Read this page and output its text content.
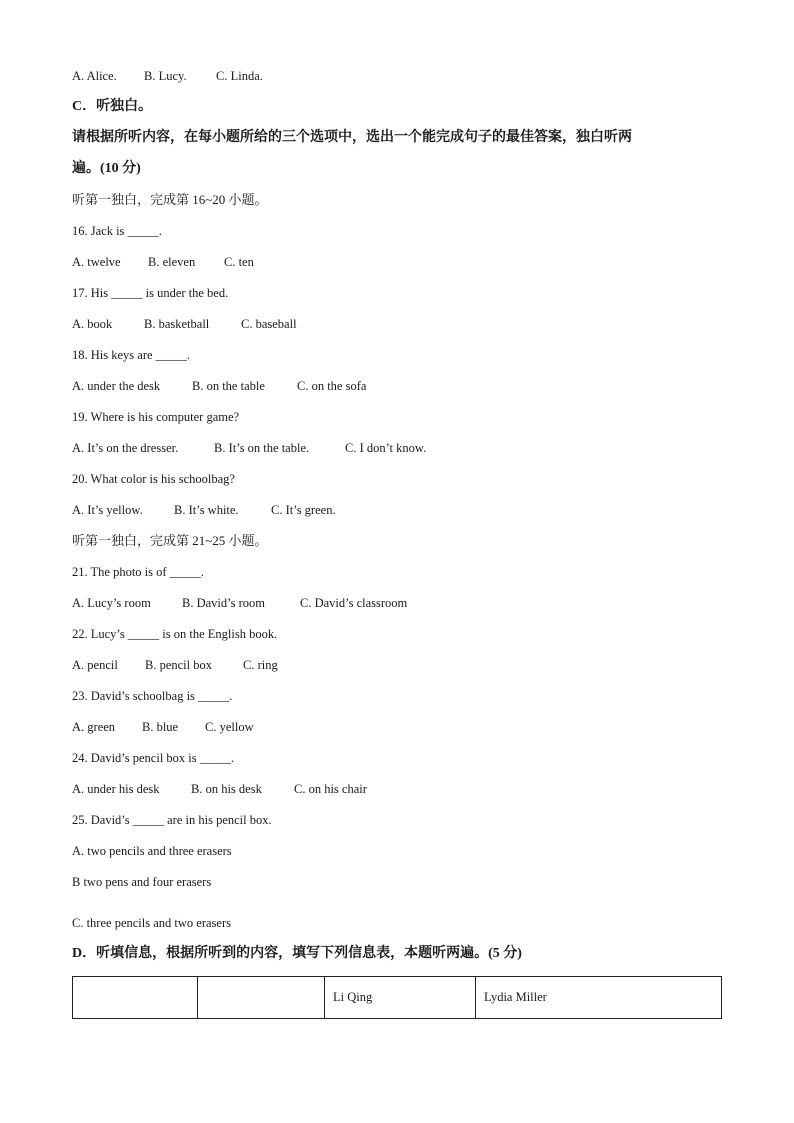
A. Alice. B. Lucy. C. Linda.
C．听独白。
请根据所听内容，在每小题所给的三个选项中，选出一个能完成句子的最佳答案，独白听两
遍。(10 分)
听第一独白，完成第 16~20 小题。
16. Jack is _____.
A. twelve B. eleven C. ten
17. His _____ is under the bed.
A. book	B. basketball	C. baseball
18. His keys are _____.
A. under the desk	B. on the table	C. on the sofa
19. Where is his computer game?
A. It’s on the dresser.	B. It’s on the table.	C. I don’t know.
20. What color is his schoolbag?
A. It’s yellow.	B. It’s white.	C. It’s green.
听第一独白，完成第 21~25 小题。
21. The photo is of _____.
A. Lucy’s room B. David’s room	C. David’s classroom
22. Lucy’s _____ is on the English book.
A. pencil B. pencil box C. ring
23. David’s schoolbag is _____.
A. green B. blue C. yellow
24. David’s pencil box is _____.
A. under his desk	B. on his desk	C. on his chair
25. David’s _____ are in his pencil box.
A. two pencils and three erasers
B two pens and four erasers
C. three pencils and two erasers
D．听填信息，根据所听到的内容，填写下列信息表，本题听两遍。(5 分)
		Li Qing	Lydia Miller
